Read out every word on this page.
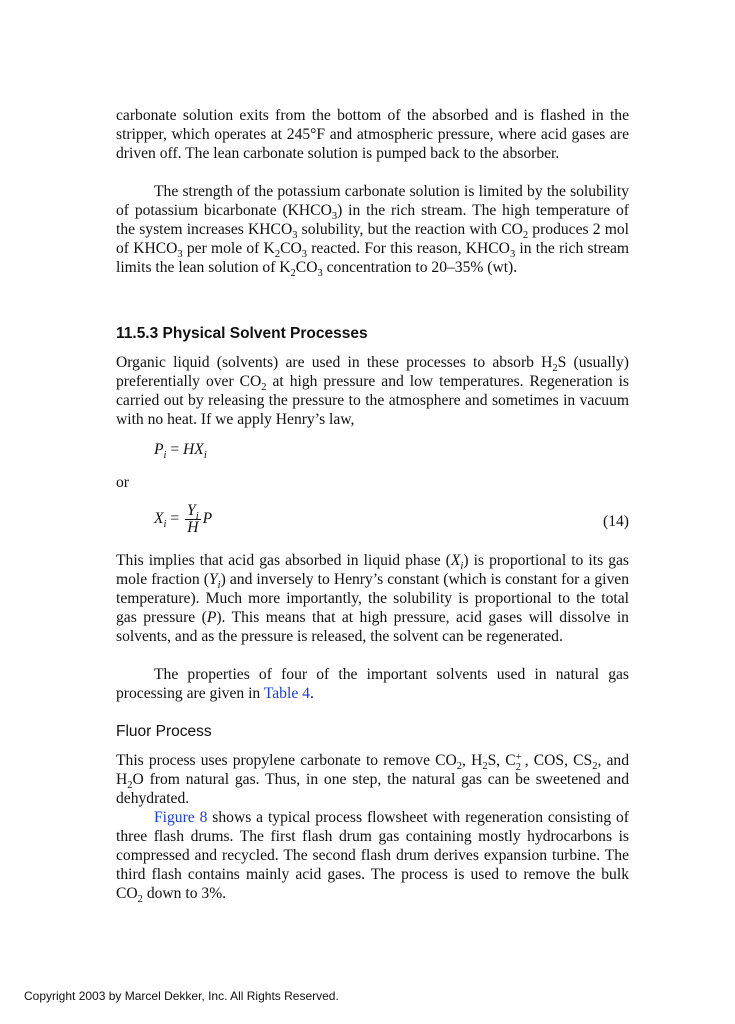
carbonate solution exits from the bottom of the absorbed and is flashed in the stripper, which operates at 245°F and atmospheric pressure, where acid gases are driven off. The lean carbonate solution is pumped back to the absorber.

The strength of the potassium carbonate solution is limited by the solubility of potassium bicarbonate $(KHCO_3)$ in the rich stream. The high temperature of the system increases $KHCO_3$ solubility, but the reaction with $CO_2$ produces 2 mol of $KHCO_3$ per mole of $K_2CO_3$ reacted. For this reason, $KHCO_3$ in the rich stream limits the lean solution of $K_2CO_3$ concentration to 20–35% (wt).

11.5.3 Physical Solvent Processes

Organic liquid (solvents) are used in these processes to absorb $H_2S$ (usually) preferentially over $CO_2$ at high pressure and low temperatures. Regeneration is carried out by releasing the pressure to the atmosphere and sometimes in vacuum with no heat. If we apply Henry’s law,

$P_i = HX_i$

or

$X_i = \frac{Y_i}{H}$ P	(14)

This implies that acid gas absorbed in liquid phase $(X_i)$ is proportional to its gas mole fraction $(Y_i)$ and inversely to Henry’s constant (which is constant for a given temperature). Much more importantly, the solubility is proportional to the total gas pressure (P). This means that at high pressure, acid gases will dissolve in solvents, and as the pressure is released, the solvent can be regenerated.

The properties of four of the important solvents used in natural gas processing are given in Table 4.

Fluor Process

This process uses propylene carbonate to remove $CO_2$, $H_2S$, C +
2 , COS, $CS_2$, and $H_2O$ from natural gas. Thus, in one step, the natural gas can be sweetened and dehydrated.

Figure 8 shows a typical process flowsheet with regeneration consisting of three flash drums. The first flash drum gas containing mostly hydrocarbons is compressed and recycled. The second flash drum derives expansion turbine. The third flash contains mainly acid gases. The process is used to remove the bulk $CO_2$ down to 3%.

Copyright 2003 by Marcel Dekker, Inc. All Rights Reserved.
